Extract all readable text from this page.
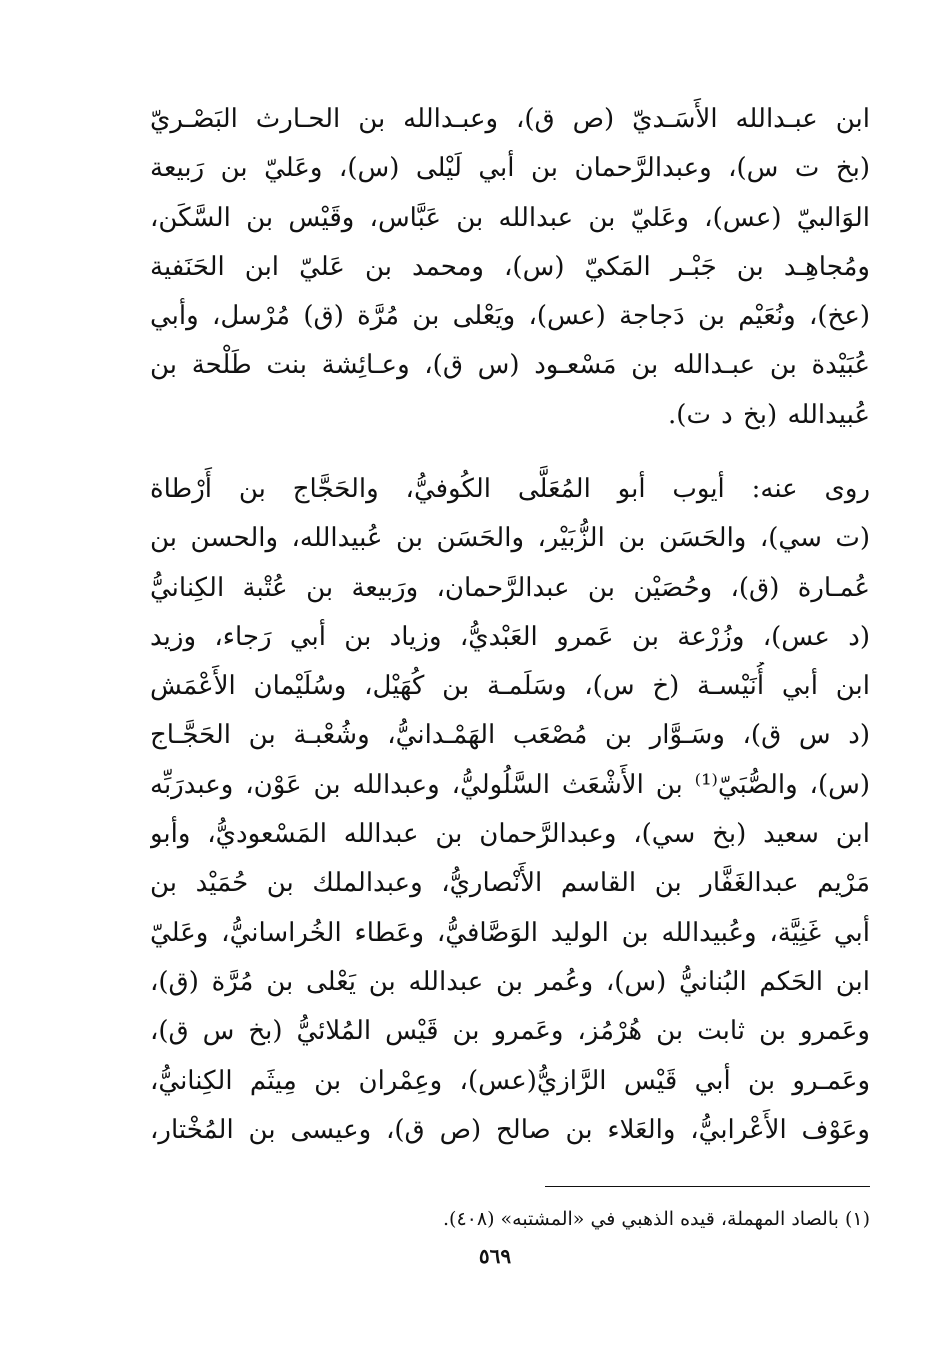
ابن عبـدالله الأَسَـديّ (ص ق)، وعبـدالله بن الحـارث البَصْـريّ
(بخ ت س)، وعبدالرَّحمان بن أبي لَيْلى (س)، وعَليّ بن رَبيعة
الوَالبيّ (عس)، وعَليّ بن عبدالله بن عَبَّاس، وقَيْس بن السَّكَن،
ومُجاهِـد بن جَبْـر المَكيّ (س)، ومحمد بن عَليّ ابن الحَنَفية
(عخ)، ونُعَيْم بن دَجاجة (عس)، ويَعْلى بن مُرَّة (ق) مُرْسل، وأبي
عُبَيْدة بن عبـدالله بن مَسْعـود (س ق)، وعـائِشة بنت طَلْحة بن
عُبيدالله (بخ د ت).
روى عنه: أيوب أبو المُعَلَّى الكُوفيُّ، والحَجَّاج بن أَرْطاة
(ت سي)، والحَسَن بن الزُّبَيْر، والحَسَن بن عُبيدالله، والحسن بن
عُمـارة (ق)، وحُصَيْن بن عبدالرَّحمان، ورَبيعة بن عُتْبة الكِنانيُّ
(د عس)، وزُرْعة بن عَمرو العَبْديُّ، وزياد بن أبي رَجاء، وزيد
ابن أبي أُنَيْسـة (خ س)، وسَلَمـة بن كُهَيْل، وسُلَيْمان الأَعْمَش
(د س ق)، وسَـوَّار بن مُصْعَب الهَمْـدانيُّ، وشُعْبـة بن الحَجَّـاج
(س)، والصُّبَيّ⁽¹⁾ بن الأَشْعَث السَّلُوليُّ، وعبدالله بن عَوْن، وعبدرَبِّه
ابن سعيد (بخ سي)، وعبدالرَّحمان بن عبدالله المَسْعوديُّ، وأبو
مَرْيم عبدالغَفَّار بن القاسم الأَنْصاريُّ، وعبدالملك بن حُمَيْد بن
أبي غَنِيَّة، وعُبيدالله بن الوليد الوَصَّافيُّ، وعَطاء الخُراسانيُّ، وعَليّ
ابن الحَكم البُنانيُّ (س)، وعُمر بن عبدالله بن يَعْلى بن مُرَّة (ق)،
وعَمرو بن ثابت بن هُرْمُز، وعَمرو بن قَيْس المُلائيُّ (بخ س ق)،
وعَمـرو بن أبي قَيْس الرَّازيُّ(عس)، وعِمْران بن مِيثَم الكِنانيُّ،
وعَوْف الأَعْرابيُّ، والعَلاء بن صالح (ص ق)، وعيسى بن المُخْتار،
(١) بالصاد المهملة، قيده الذهبي في «المشتبه» (٤٠٨).
٥٦٩
